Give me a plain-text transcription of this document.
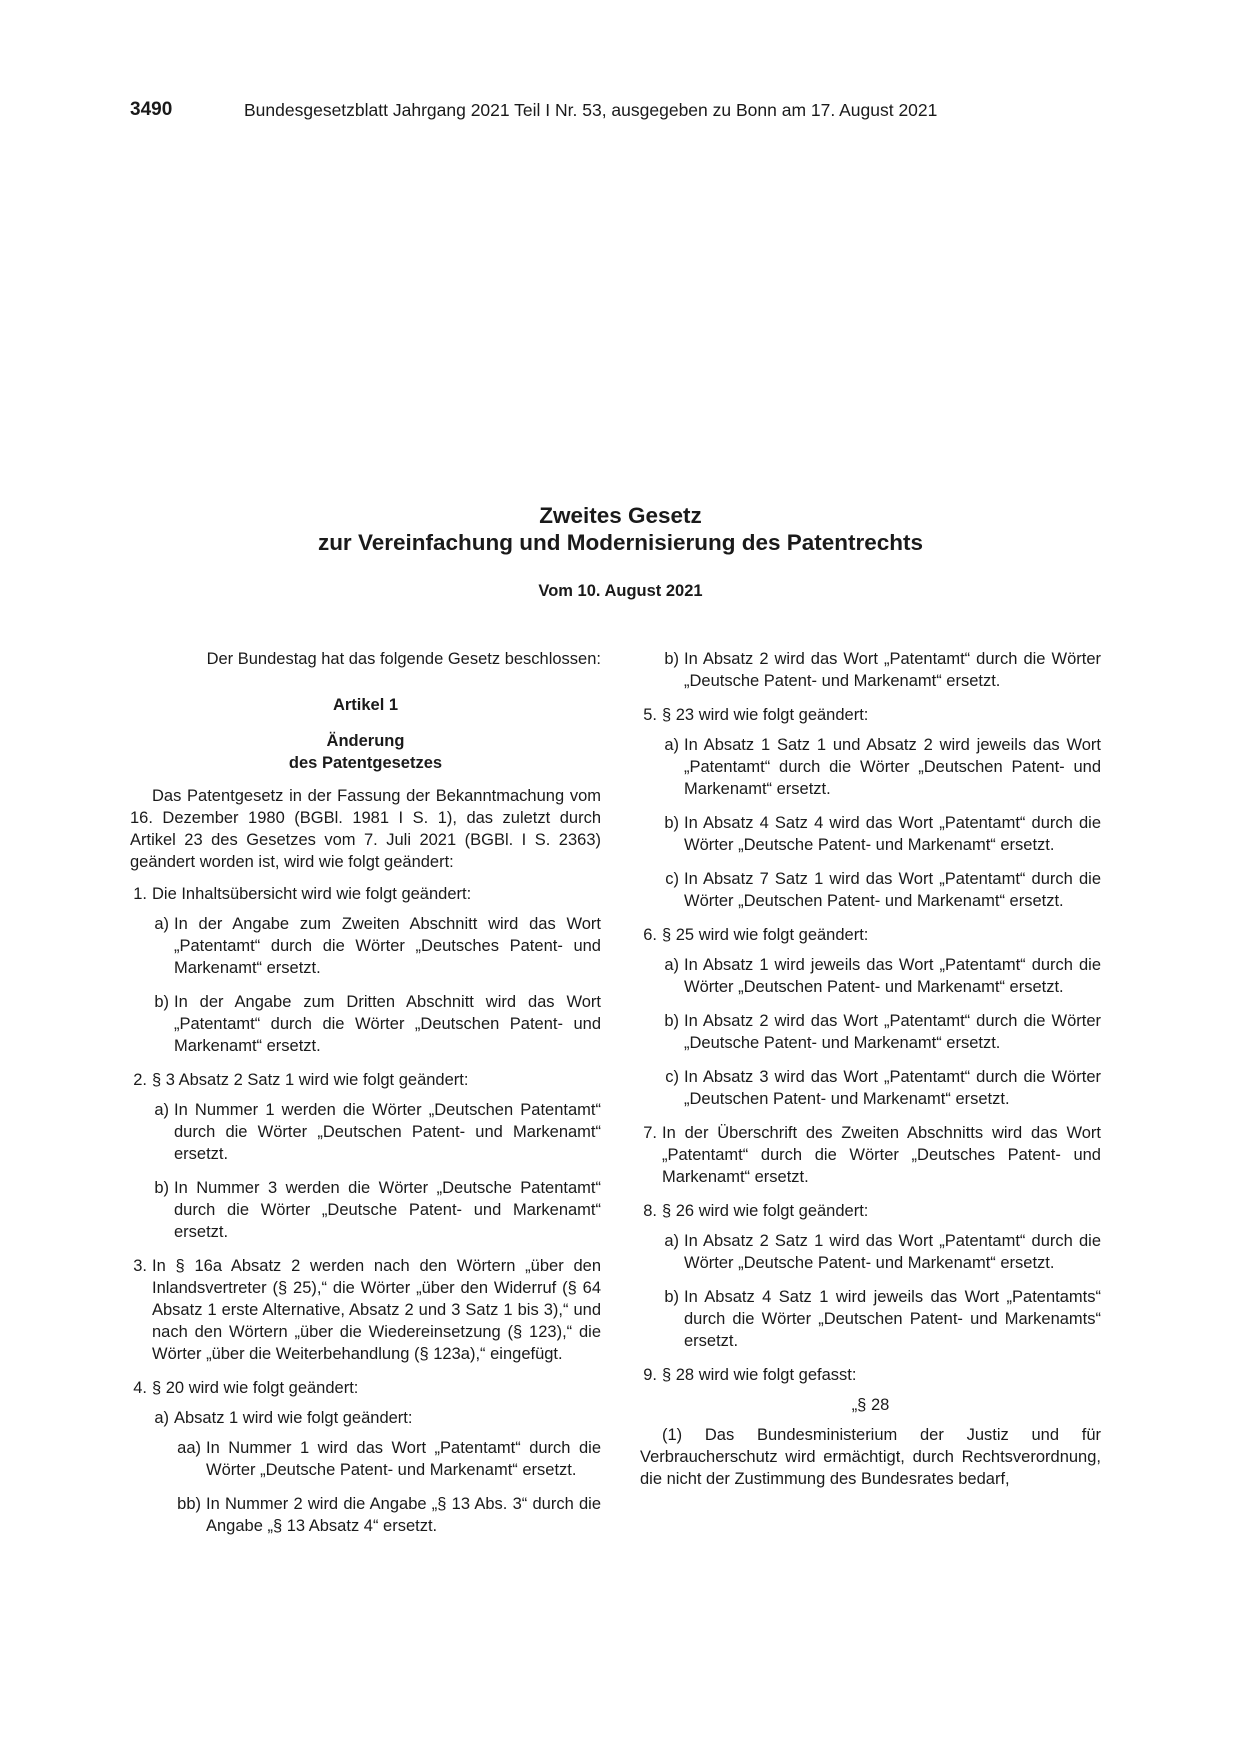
3490	Bundesgesetzblatt Jahrgang 2021 Teil I Nr. 53, ausgegeben zu Bonn am 17. August 2021
Zweites Gesetz
zur Vereinfachung und Modernisierung des Patentrechts
Vom 10. August 2021

Der Bundestag hat das folgende Gesetz beschlossen:

Artikel 1

Änderung

des Patentgesetzes

Das Patentgesetz in der Fassung der Bekanntmachung vom 16. Dezember 1980 (BGBl. 1981 I S. 1), das zuletzt durch Artikel 23 des Gesetzes vom 7. Juli 2021 (BGBl. I S. 2363) geändert worden ist, wird wie folgt geändert:

1. Die Inhaltsübersicht wird wie folgt geändert:
a) In der Angabe zum Zweiten Abschnitt wird das Wort „Patentamt“ durch die Wörter „Deutsches Patent- und Markenamt“ ersetzt.
b) In der Angabe zum Dritten Abschnitt wird das Wort „Patentamt“ durch die Wörter „Deutschen Patent- und Markenamt“ ersetzt.
2. § 3 Absatz 2 Satz 1 wird wie folgt geändert:
a) In Nummer 1 werden die Wörter „Deutschen Patentamt“ durch die Wörter „Deutschen Patent- und Markenamt“ ersetzt.
b) In Nummer 3 werden die Wörter „Deutsche Patentamt“ durch die Wörter „Deutsche Patent- und Markenamt“ ersetzt.
3. In § 16a Absatz 2 werden nach den Wörtern „über den Inlandsvertreter (§ 25),“ die Wörter „über den Widerruf (§ 64 Absatz 1 erste Alternative, Absatz 2 und 3 Satz 1 bis 3),“ und nach den Wörtern „über die Wiedereinsetzung (§ 123),“ die Wörter „über die Weiterbehandlung (§ 123a),“ eingefügt.
4. § 20 wird wie folgt geändert:
a) Absatz 1 wird wie folgt geändert:
aa) In Nummer 1 wird das Wort „Patentamt“ durch die Wörter „Deutsche Patent- und Markenamt“ ersetzt.
bb) In Nummer 2 wird die Angabe „§ 13 Abs. 3“ durch die Angabe „§ 13 Absatz 4“ ersetzt.
b) In Absatz 2 wird das Wort „Patentamt“ durch die Wörter „Deutsche Patent- und Markenamt“ ersetzt.
5. § 23 wird wie folgt geändert:
a) In Absatz 1 Satz 1 und Absatz 2 wird jeweils das Wort „Patentamt“ durch die Wörter „Deutschen Patent- und Markenamt“ ersetzt.
b) In Absatz 4 Satz 4 wird das Wort „Patentamt“ durch die Wörter „Deutsche Patent- und Markenamt“ ersetzt.
c) In Absatz 7 Satz 1 wird das Wort „Patentamt“ durch die Wörter „Deutschen Patent- und Markenamt“ ersetzt.
6. § 25 wird wie folgt geändert:
a) In Absatz 1 wird jeweils das Wort „Patentamt“ durch die Wörter „Deutschen Patent- und Markenamt“ ersetzt.
b) In Absatz 2 wird das Wort „Patentamt“ durch die Wörter „Deutsche Patent- und Markenamt“ ersetzt.
c) In Absatz 3 wird das Wort „Patentamt“ durch die Wörter „Deutschen Patent- und Markenamt“ ersetzt.
7. In der Überschrift des Zweiten Abschnitts wird das Wort „Patentamt“ durch die Wörter „Deutsches Patent- und Markenamt“ ersetzt.
8. § 26 wird wie folgt geändert:
a) In Absatz 2 Satz 1 wird das Wort „Patentamt“ durch die Wörter „Deutsche Patent- und Markenamt“ ersetzt.
b) In Absatz 4 Satz 1 wird jeweils das Wort „Patentamts“ durch die Wörter „Deutschen Patent- und Markenamts“ ersetzt.
9. § 28 wird wie folgt gefasst:

„§ 28

(1) Das Bundesministerium der Justiz und für Verbraucherschutz wird ermächtigt, durch Rechtsverordnung, die nicht der Zustimmung des Bundesrates bedarf,
